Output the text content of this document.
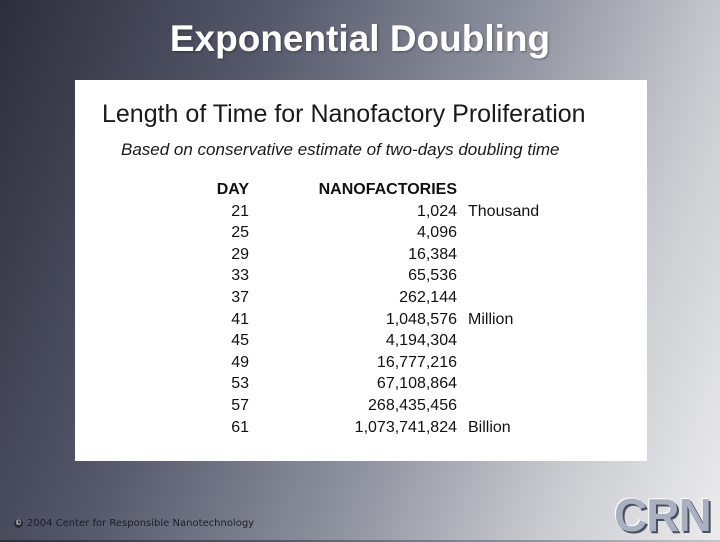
Exponential Doubling
Length of Time for Nanofactory Proliferation
Based on conservative estimate of two-days doubling time
DAY	NANOFACTORIES	
21	1,024	Thousand
25	4,096	
29	16,384	
33	65,536	
37	262,144	
41	1,048,576	Million
45	4,194,304	
49	16,777,216	
53	67,108,864	
57	268,435,456	
61	1,073,741,824	Billion
© 2004 Center for Responsible Nanotechnology	CRN
